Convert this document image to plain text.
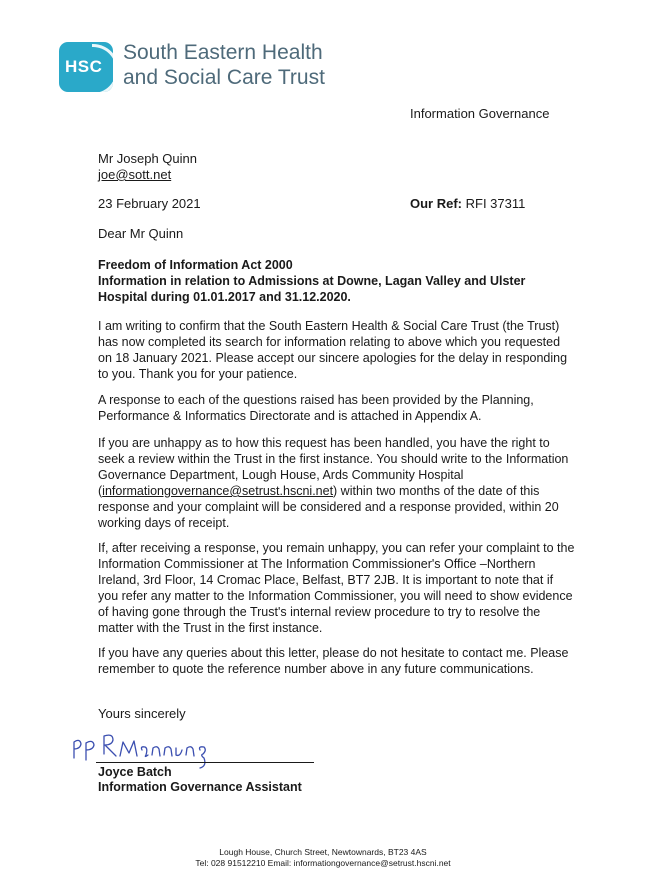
HSC
South Eastern Health
and Social Care Trust
Information Governance
Mr Joseph Quinn
joe@sott.net
23 February 2021	Our Ref: RFI 37311
Dear Mr Quinn
Freedom of Information Act 2000
Information in relation to Admissions at Downe, Lagan Valley and Ulster Hospital during 01.01.2017 and 31.12.2020.
I am writing to confirm that the South Eastern Health & Social Care Trust (the Trust) has now completed its search for information relating to above which you requested on 18 January 2021. Please accept our sincere apologies for the delay in responding to you. Thank you for your patience.
A response to each of the questions raised has been provided by the Planning, Performance & Informatics Directorate and is attached in Appendix A.
If you are unhappy as to how this request has been handled, you have the right to seek a review within the Trust in the first instance. You should write to the Information Governance Department, Lough House, Ards Community Hospital (informationgovernance@setrust.hscni.net) within two months of the date of this response and your complaint will be considered and a response provided, within 20 working days of receipt.
If, after receiving a response, you remain unhappy, you can refer your complaint to the Information Commissioner at The Information Commissioner's Office –Northern Ireland, 3rd Floor, 14 Cromac Place, Belfast, BT7 2JB. It is important to note that if you refer any matter to the Information Commissioner, you will need to show evidence of having gone through the Trust's internal review procedure to try to resolve the matter with the Trust in the first instance.
If you have any queries about this letter, please do not hesitate to contact me. Please remember to quote the reference number above in any future communications.
Yours sincerely
Joyce Batch
Information Governance Assistant
Lough House, Church Street, Newtownards, BT23 4AS
Tel: 028 91512210 Email: informationgovernance@setrust.hscni.net
